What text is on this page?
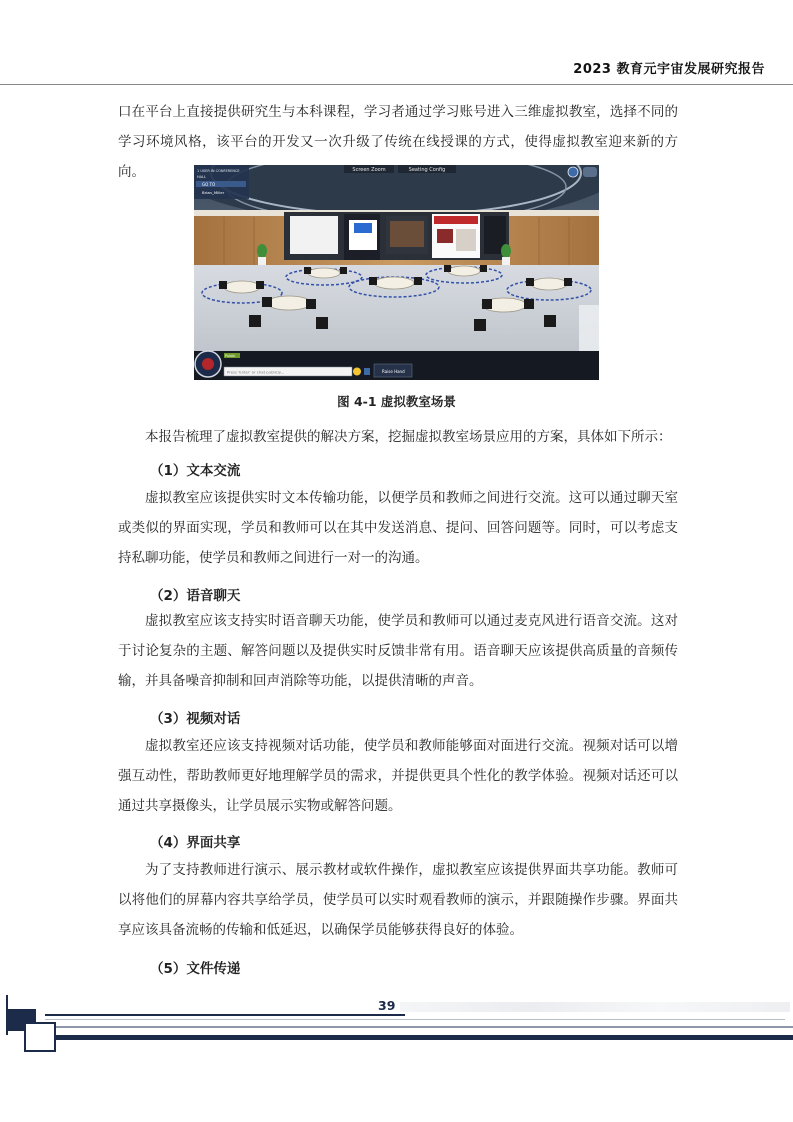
2023 教育元宇宙发展研究报告

口在平台上直接提供研究生与本科课程，学习者通过学习账号进入三维虚拟教室，选择不同的学习环境风格，该平台的开发又一次升级了传统在线授课的方式，使得虚拟教室迎来新的方向。	Screen Zoom	Seating Config
1 USER IN CONFERENCE
HALL
GO TO
Brian_Miller
Public
Press 'Enter' or chat publicly...	Raise Hand
图 4-1 虚拟教室场景

本报告梳理了虚拟教室提供的解决方案，挖掘虚拟教室场景应用的方案，具体如下所示：

（1）文本交流

虚拟教室应该提供实时文本传输功能，以便学员和教师之间进行交流。这可以通过聊天室或类似的界面实现，学员和教师可以在其中发送消息、提问、回答问题等。同时，可以考虑支持私聊功能，使学员和教师之间进行一对一的沟通。

（2）语音聊天

虚拟教室应该支持实时语音聊天功能，使学员和教师可以通过麦克风进行语音交流。这对于讨论复杂的主题、解答问题以及提供实时反馈非常有用。语音聊天应该提供高质量的音频传输，并具备噪音抑制和回声消除等功能，以提供清晰的声音。

（3）视频对话

虚拟教室还应该支持视频对话功能，使学员和教师能够面对面进行交流。视频对话可以增强互动性，帮助教师更好地理解学员的需求，并提供更具个性化的教学体验。视频对话还可以通过共享摄像头，让学员展示实物或解答问题。

（4）界面共享

为了支持教师进行演示、展示教材或软件操作，虚拟教室应该提供界面共享功能。教师可以将他们的屏幕内容共享给学员，使学员可以实时观看教师的演示，并跟随操作步骤。界面共享应该具备流畅的传输和低延迟，以确保学员能够获得良好的体验。

（5）文件传递

39
